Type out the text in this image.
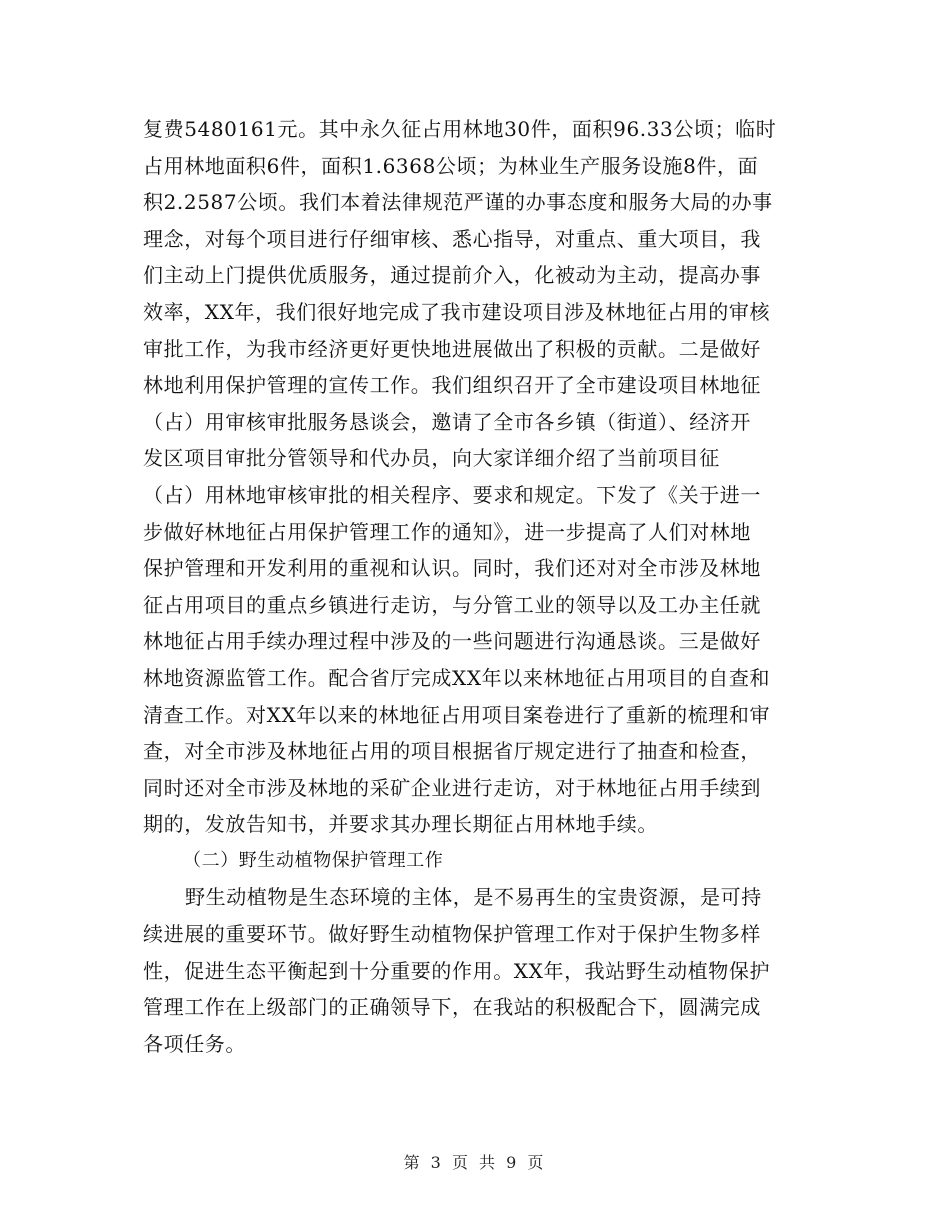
复费5480161元。其中永久征占用林地30件，面积96.33公顷；临时
占用林地面积6件，面积1.6368公顷；为林业生产服务设施8件，面
积2.2587公顷。我们本着法律规范严谨的办事态度和服务大局的办事
理念，对每个项目进行仔细审核、悉心指导，对重点、重大项目，我
们主动上门提供优质服务，通过提前介入，化被动为主动，提高办事
效率，XX年，我们很好地完成了我市建设项目涉及林地征占用的审核
审批工作，为我市经济更好更快地进展做出了积极的贡献。二是做好
林地利用保护管理的宣传工作。我们组织召开了全市建设项目林地征
（占）用审核审批服务恳谈会，邀请了全市各乡镇（街道）、经济开
发区项目审批分管领导和代办员，向大家详细介绍了当前项目征
（占）用林地审核审批的相关程序、要求和规定。下发了《关于进一
步做好林地征占用保护管理工作的通知》，进一步提高了人们对林地
保护管理和开发利用的重视和认识。同时，我们还对对全市涉及林地
征占用项目的重点乡镇进行走访，与分管工业的领导以及工办主任就
林地征占用手续办理过程中涉及的一些问题进行沟通恳谈。三是做好
林地资源监管工作。配合省厅完成XX年以来林地征占用项目的自查和
清查工作。对XX年以来的林地征占用项目案卷进行了重新的梳理和审
查，对全市涉及林地征占用的项目根据省厅规定进行了抽查和检查，
同时还对全市涉及林地的采矿企业进行走访，对于林地征占用手续到
期的，发放告知书，并要求其办理长期征占用林地手续。
（二）野生动植物保护管理工作
野生动植物是生态环境的主体，是不易再生的宝贵资源，是可持
续进展的重要环节。做好野生动植物保护管理工作对于保护生物多样
性，促进生态平衡起到十分重要的作用。XX年，我站野生动植物保护
管理工作在上级部门的正确领导下，在我站的积极配合下，圆满完成
各项任务。
第 3 页 共 9 页
